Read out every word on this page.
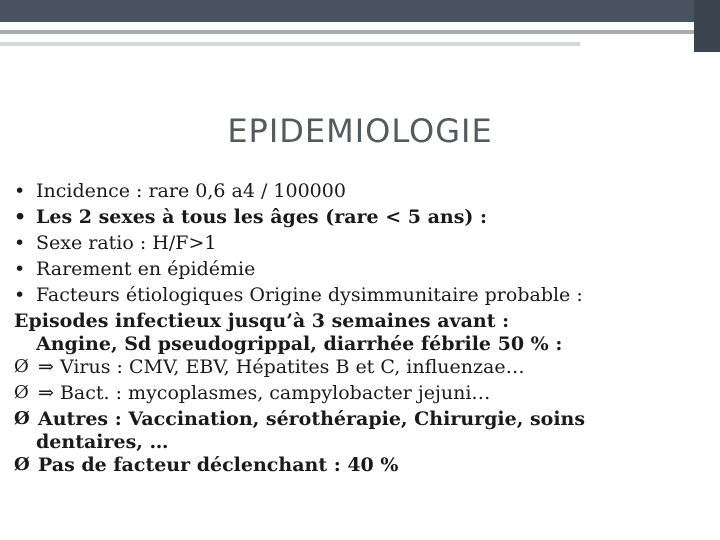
EPIDEMIOLOGIE
• Incidence : rare 0,6 a4 / 100000
• Les 2 sexes à tous les âges (rare < 5 ans) :
• Sexe ratio : H/F>1
• Rarement en épidémie
• Facteurs étiologiques Origine dysimmunitaire probable :
Episodes infectieux jusqu’à 3 semaines avant :
Angine, Sd pseudogrippal, diarrhée fébrile 50 % :
Ø ⇒ Virus : CMV, EBV, Hépatites B et C, influenzae…
Ø ⇒ Bact. : mycoplasmes, campylobacter jejuni…
Ø Autres : Vaccination, sérothérapie, Chirurgie, soins
dentaires, …
Ø Pas de facteur déclenchant : 40 %
